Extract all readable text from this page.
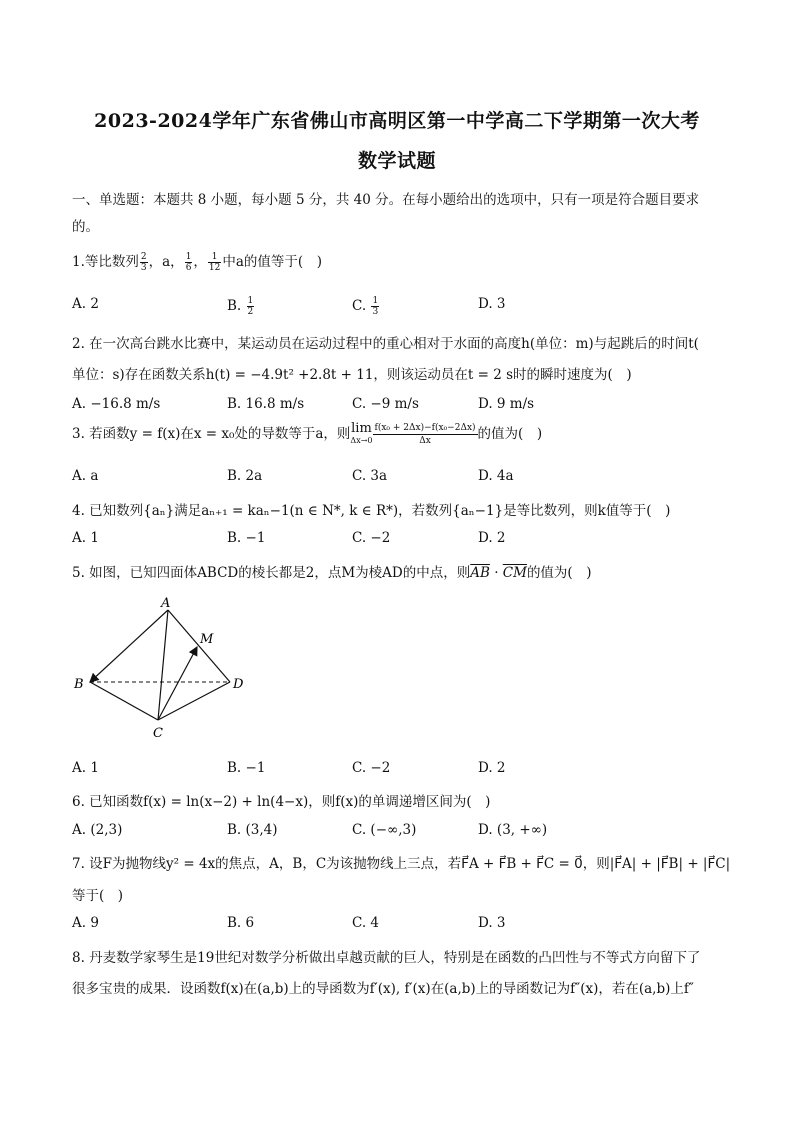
2023-2024学年广东省佛山市高明区第一中学高二下学期第一次大考
数学试题
一、单选题：本题共 8 小题，每小题 5 分，共 40 分。在每小题给出的选项中，只有一项是符合题目要求
的。
1.等比数列 $\frac{2}{3}$ ，a， $\frac{1}{6}$ ， $\frac{1}{12}$ 中a的值等于(　)
A. 2	B. $\frac{1}{2}$	C. $\frac{1}{3}$	D. 3
2. 在一次高台跳水比赛中，某运动员在运动过程中的重心相对于水面的高度h(单位：m)与起跳后的时间t(
单位：s)存在函数关系h(t) = −4.9t² +2.8t + 11，则该运动员在t = 2 s时的瞬时速度为(　)
A. −16.8 m/s	B. 16.8 m/s	C. −9 m/s	D. 9 m/s
3. 若函数y = f(x)在x = x₀处的导数等于a，则lim
$\Delta x\to 0 \frac{\text{f(x₀ + 2Δx)−f(x₀−2Δx)}}{\Delta x}$ 的值为(　)
A. a	B. 2a	C. 3a	D. 4a
4. 已知数列{aₙ}满足aₙ₊₁ = kaₙ−1(n ∈ N*, k ∈ R*)，若数列{aₙ−1}是等比数列，则k值等于(　)
A. 1	B. −1	C. −2	D. 2
5. 如图，已知四面体ABCD的棱长都是2，点M为棱AD的中点，则$\overline{AB} \cdot \overline{CM}$的值为(　)
A
B
C
D
M
A. 1	B. −1	C. −2	D. 2
6. 已知函数f(x) = ln(x−2) + ln(4−x)，则f(x)的单调递增区间为(　)
A. (2,3)	B. (3,4)	C. (−∞,3)	D. (3, +∞)
7. 设F为抛物线y² = 4x的焦点，A，B，C为该抛物线上三点，若F⃗A + F⃗B + F⃗C = 0⃗，则|F⃗A| + |F⃗B| + |F⃗C|
等于(　)
A. 9	B. 6	C. 4	D. 3
8. 丹麦数学家琴生是19世纪对数学分析做出卓越贡献的巨人，特别是在函数的凸凹性与不等式方向留下了
很多宝贵的成果．设函数f(x)在(a,b)上的导函数为f′(x), f′(x)在(a,b)上的导函数记为f″(x)，若在(a,b)上f″
